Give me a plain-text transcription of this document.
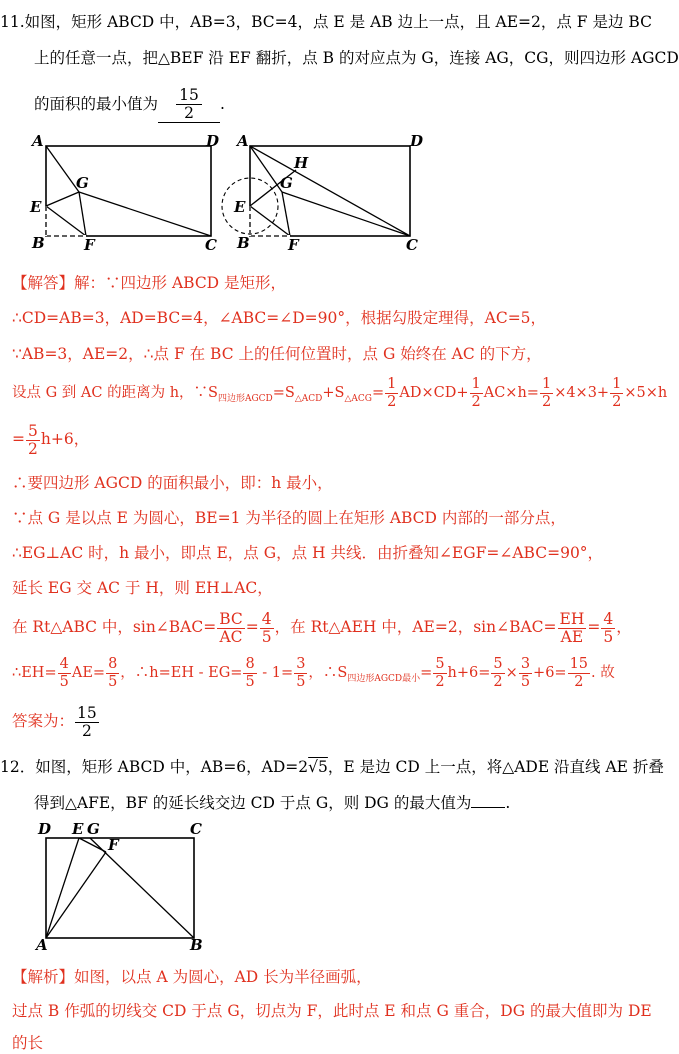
11.如图，矩形 ABCD 中，AB=3，BC=4，点 E 是 AB 边上一点，且 AE=2，点 F 是边 BC
上的任意一点，把△BEF 沿 EF 翻折，点 B 的对应点为 G，连接 AG，CG，则四边形 AGCD
的面积的最小值为 $\frac{15}{2}$ .
A	D
E
G
B	F	C
A	D
H
G
E
B	F	C
【解答】解：∵四边形 ABCD 是矩形，
∴CD=AB=3，AD=BC=4，∠ABC=∠D=90°，根据勾股定理得，AC=5，
∵AB=3，AE=2，∴点 F 在 BC 上的任何位置时，点 G 始终在 AC 的下方，
设点 G 到 AC 的距离为 h，$\because S_{四边形AGCD}=S_{\triangle ACD}+S_{\triangle ACG}= \frac{1}{2} AD\times CD+ \frac{1}{2} AC\times h= \frac{1}{2} \times 4\times 3+ \frac{1}{2} \times 5\times h$
= $\frac{5}{2} h+6$，
∴要四边形 AGCD 的面积最小，即：h 最小，
∵点 G 是以点 E 为圆心，BE=1 为半径的圆上在矩形 ABCD 内部的一部分点，
∴EG⊥AC 时，h 最小，即点 E，点 G，点 H 共线．由折叠知∠EGF=∠ABC=90°，
延长 EG 交 AC 于 H，则 EH⊥AC，
在 Rt△ABC 中，sin∠BAC= $\frac{BC}{AC} = \frac{4}{5}$ ，在 Rt△AEH 中，AE=2，sin∠BAC= $\frac{EH}{AE} = \frac{4}{5}$ ，
∴EH= $\frac{4}{5} AE= \frac{8}{5}$ ，∴h=EH - $EG= \frac{8}{5} - 1= \frac{3}{5}$ ，$\therefore S_{四边形AGCD最小}= \frac{5}{2} h+6= \frac{5}{2} \times \frac{3}{5} +6= \frac{15}{2}$ . 故
答案为： $\frac{15}{2}$
12．如图，矩形 ABCD 中，AB=6，AD=2√5，E 是边 CD 上一点，将△ADE 沿直线 AE 折叠
得到△AFE，BF 的延长线交边 CD 于点 G，则 DG 的最大值为 .
D E G	C
F
A	B
【解析】如图，以点 A 为圆心，AD 长为半径画弧，
过点 B 作弧的切线交 CD 于点 G，切点为 F，此时点 E 和点 G 重合，DG 的最大值即为 DE
的长
